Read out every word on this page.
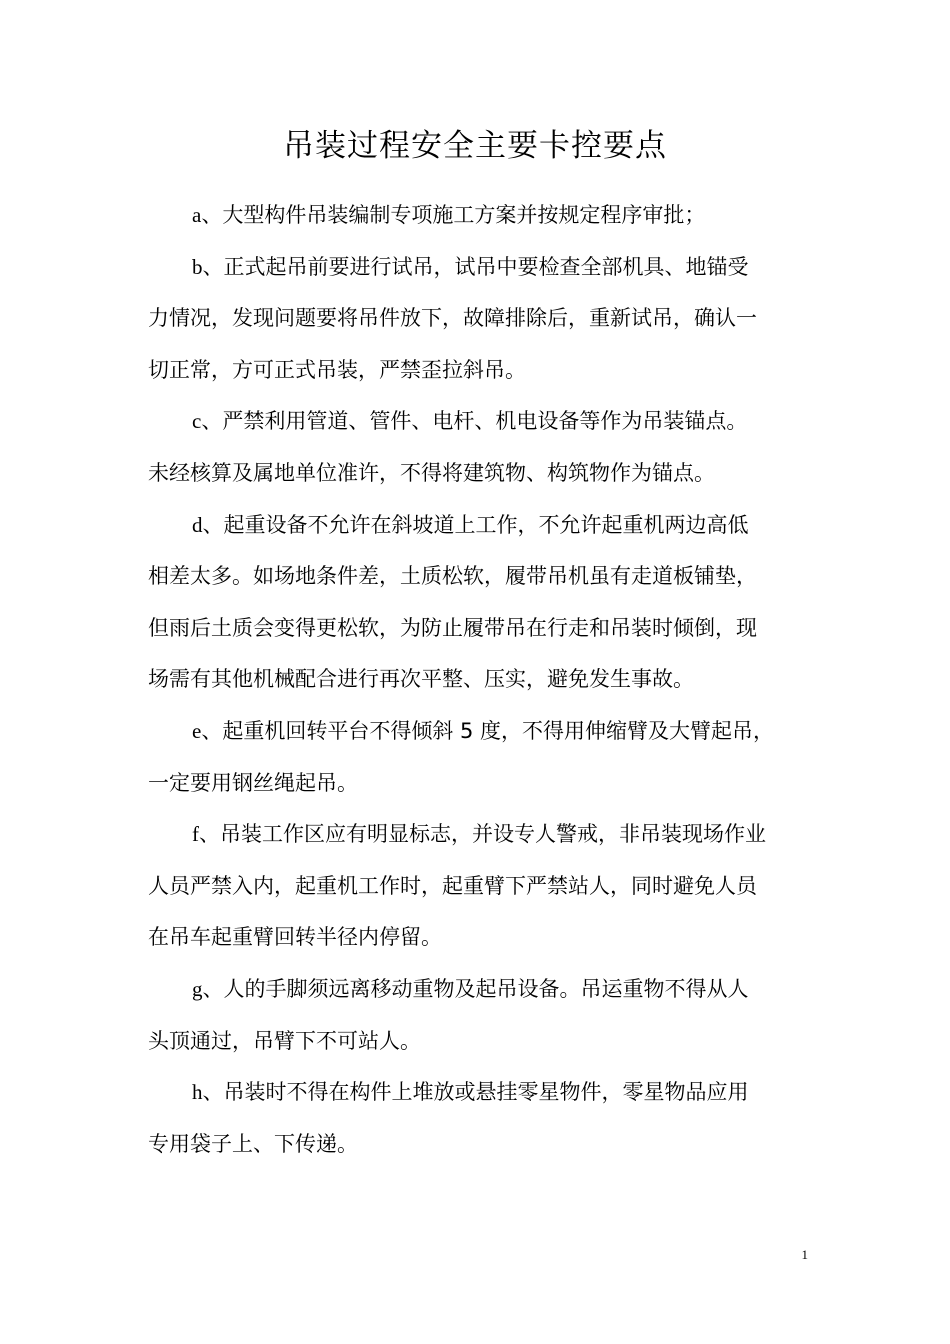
吊装过程安全主要卡控要点

a、大型构件吊装编制专项施工方案并按规定程序审批；

b、正式起吊前要进行试吊，试吊中要检查全部机具、地锚受
力情况，发现问题要将吊件放下，故障排除后，重新试吊，确认一
切正常，方可正式吊装，严禁歪拉斜吊。

c、严禁利用管道、管件、电杆、机电设备等作为吊装锚点。
未经核算及属地单位准许，不得将建筑物、构筑物作为锚点。

d、起重设备不允许在斜坡道上工作，不允许起重机两边高低
相差太多。如场地条件差，土质松软，履带吊机虽有走道板铺垫，
但雨后土质会变得更松软，为防止履带吊在行走和吊装时倾倒，现
场需有其他机械配合进行再次平整、压实，避免发生事故。

e、起重机回转平台不得倾斜 5 度，不得用伸缩臂及大臂起吊，
一定要用钢丝绳起吊。

f、吊装工作区应有明显标志，并设专人警戒，非吊装现场作业
人员严禁入内，起重机工作时，起重臂下严禁站人，同时避免人员
在吊车起重臂回转半径内停留。

g、人的手脚须远离移动重物及起吊设备。吊运重物不得从人
头顶通过，吊臂下不可站人。

h、吊装时不得在构件上堆放或悬挂零星物件，零星物品应用
专用袋子上、下传递。

1
